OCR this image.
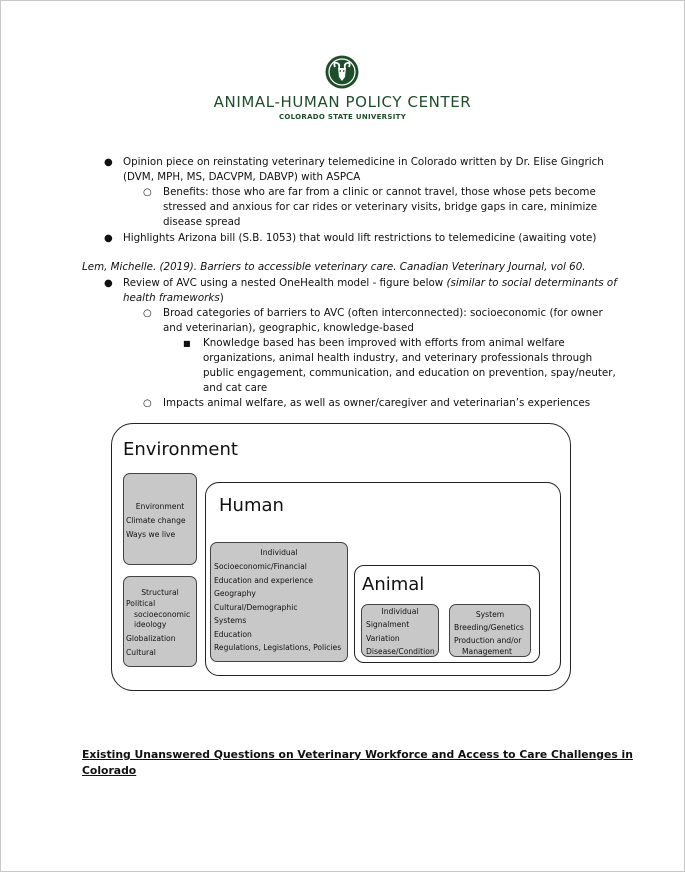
ANIMAL-HUMAN POLICY CENTER
COLORADO STATE UNIVERSITY
● Opinion piece on reinstating veterinary telemedicine in Colorado written by Dr. Elise Gingrich
(DVM, MPH, MS, DACVPM, DABVP) with ASPCA
○ Benefits: those who are far from a clinic or cannot travel, those whose pets become
stressed and anxious for car rides or veterinary visits, bridge gaps in care, minimize
disease spread
● Highlights Arizona bill (S.B. 1053) that would lift restrictions to telemedicine (awaiting vote)
Lem, Michelle. (2019). Barriers to accessible veterinary care. Canadian Veterinary Journal, vol 60.
● Review of AVC using a nested OneHealth model - figure below (similar to social determinants of
health frameworks)
○ Broad categories of barriers to AVC (often interconnected): socioeconomic (for owner
and veterinarian), geographic, knowledge-based
■ Knowledge based has been improved with efforts from animal welfare
organizations, animal health industry, and veterinary professionals through
public engagement, communication, and education on prevention, spay/neuter,
and cat care
○ Impacts animal welfare, as well as owner/caregiver and veterinarian’s experiences
Environment
Environment
Climate change
Ways we live
Structural
Political
socioeconomic
ideology
Globalization
Cultural
Human
Individual
Socioeconomic/Financial
Education and experience
Geography
Cultural/Demographic
Systems
Education
Regulations, Legislations, Policies
Animal
Individual
Signalment
Variation
Disease/Condition
System
Breeding/Genetics
Production and/or
Management
Existing Unanswered Questions on Veterinary Workforce and Access to Care Challenges in
Colorado
